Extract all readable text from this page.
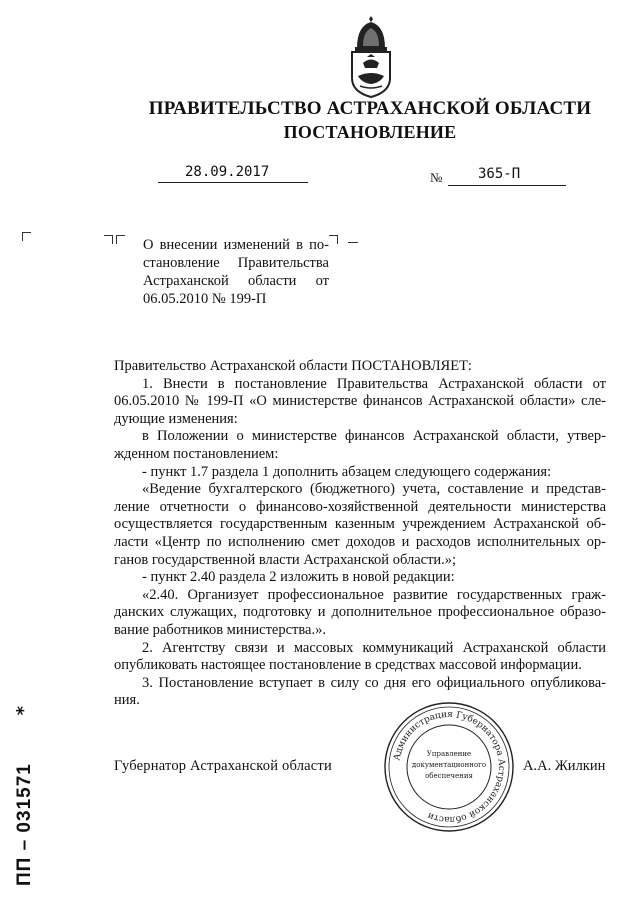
ПРАВИТЕЛЬСТВО АСТРАХАНСКОЙ ОБЛАСТИ
ПОСТАНОВЛЕНИЕ
28.09.2017	№	365-П
О внесении изменений в по-
становление Правительства
Астраханской области от
06.05.2010 № 199-П

Правительство Астраханской области ПОСТАНОВЛЯЕТ:

1. Внести в постановление Правительства Астраханской области от 06.05.2010 № 199-П «О министерстве финансов Астраханской области» сле-дующие изменения:

в Положении о министерстве финансов Астраханской области, утвер-жденном постановлением:

- пункт 1.7 раздела 1 дополнить абзацем следующего содержания:

«Ведение бухгалтерского (бюджетного) учета, составление и представ-ление отчетности о финансово-хозяйственной деятельности министерства осуществляется государственным казенным учреждением Астраханской об-ласти «Центр по исполнению смет доходов и расходов исполнительных ор-ганов государственной власти Астраханской области.»;

- пункт 2.40 раздела 2 изложить в новой редакции:

«2.40. Организует профессиональное развитие государственных граж-данских служащих, подготовку и дополнительное профессиональное образо-вание работников министерства.».

2. Агентству связи и массовых коммуникаций Астраханской области опубликовать настоящее постановление в средствах массовой информации.

3. Постановление вступает в силу со дня его официального опубликова-ния.

Губернатор Астраханской области	А.А. Жилкин
Администрация Губернатора Астраханской области
Управление
документационного
обеспечения
ПП – 031571
*
